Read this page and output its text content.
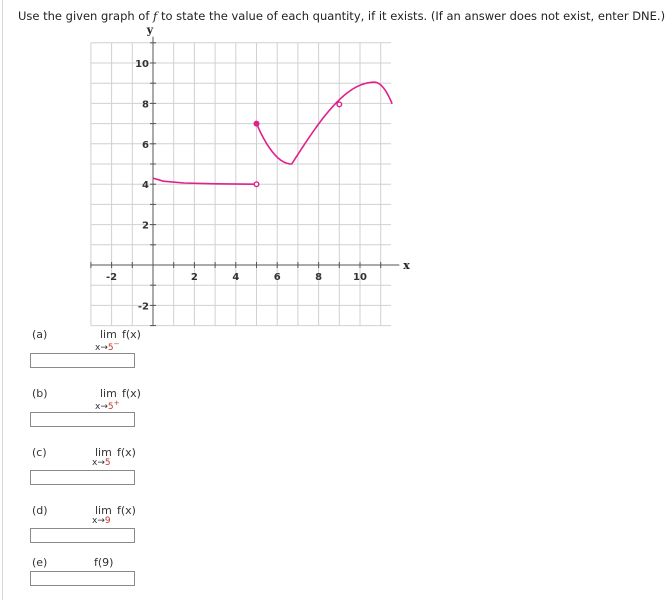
Use the given graph of f to state the value of each quantity, if it exists. (If an answer does not exist, enter DNE.)
-2	2	4	6	8	10
10
8
6
4
2
-2
y
x
(a)	lim f(x)
x→5−
(b)	lim f(x)
x→5+
(c)	lim f(x)
x→5
(d)	lim f(x)
x→9
(e)	f(9)
